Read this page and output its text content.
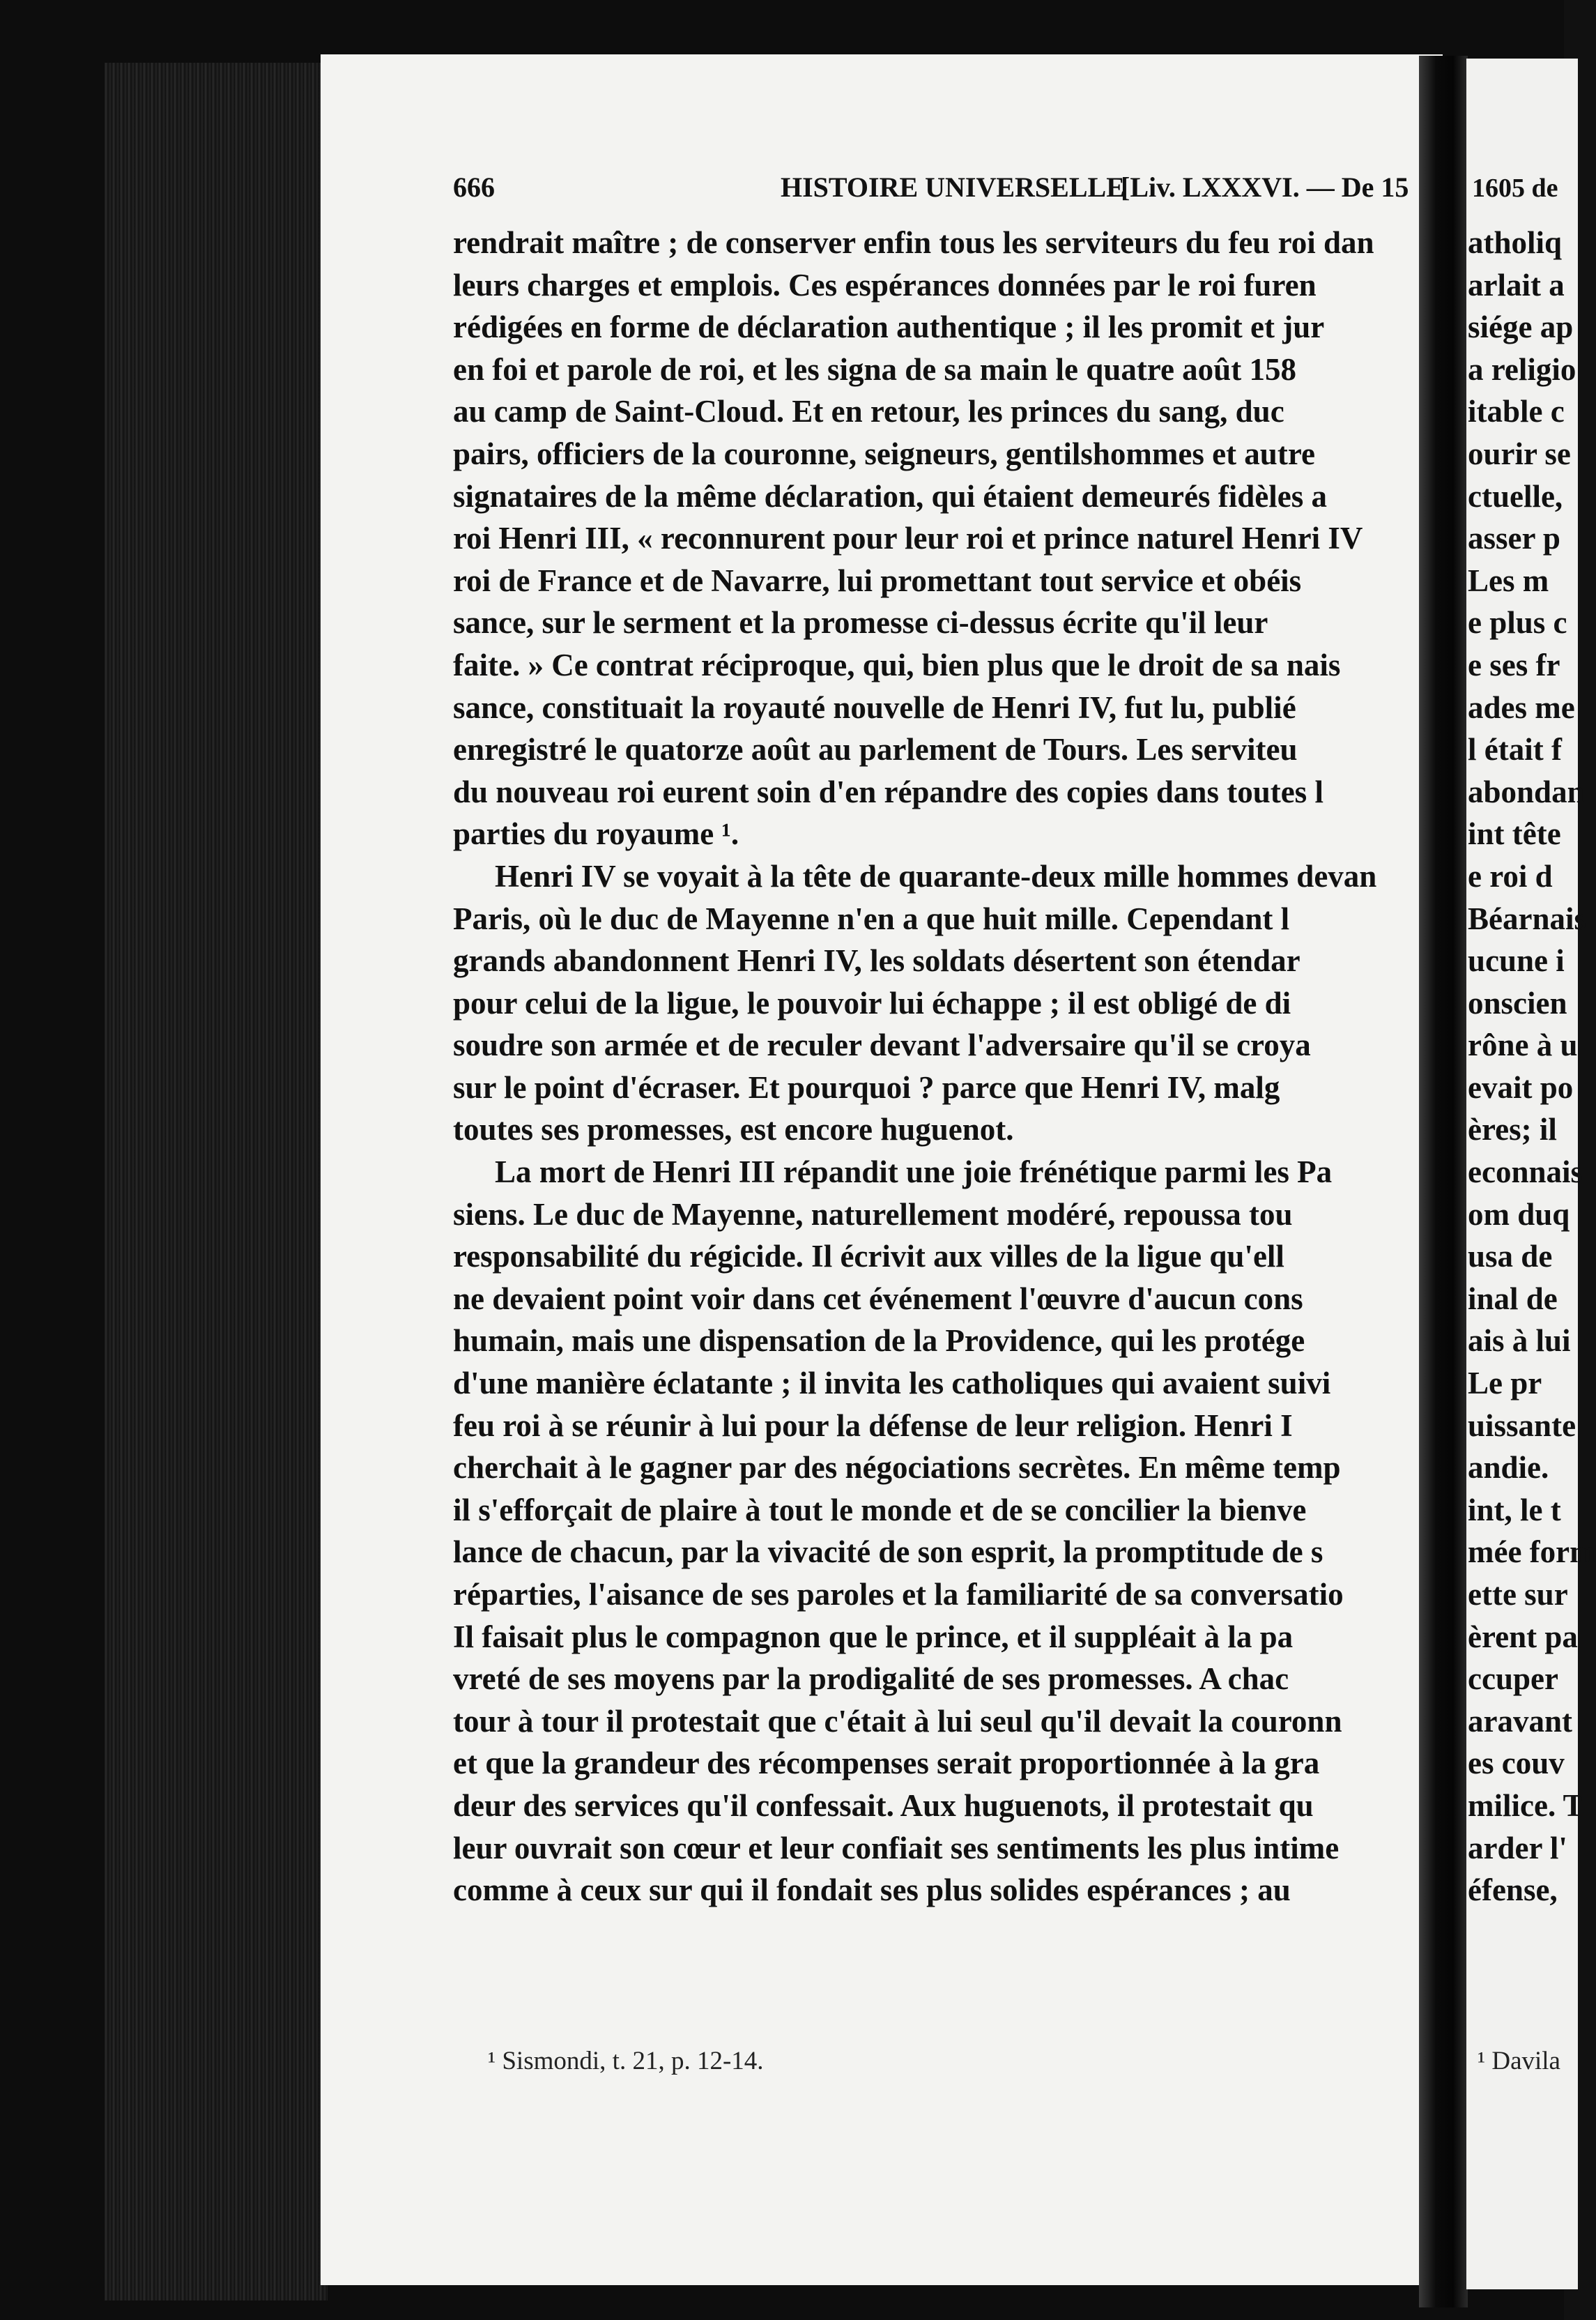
666	HISTOIRE UNIVERSELLE
[Liv. LXXXVI. — De 15
rendrait maître ; de conserver enfin tous les serviteurs du feu roi dan
leurs charges et emplois. Ces espérances données par le roi furen
rédigées en forme de déclaration authentique ; il les promit et jur
en foi et parole de roi, et les signa de sa main le quatre août 158
au camp de Saint-Cloud. Et en retour, les princes du sang, duc
pairs, officiers de la couronne, seigneurs, gentilshommes et autre
signataires de la même déclaration, qui étaient demeurés fidèles a
roi Henri III, « reconnurent pour leur roi et prince naturel Henri IV
roi de France et de Navarre, lui promettant tout service et obéis
sance, sur le serment et la promesse ci-dessus écrite qu'il leur
faite. » Ce contrat réciproque, qui, bien plus que le droit de sa nais
sance, constituait la royauté nouvelle de Henri IV, fut lu, publié
enregistré le quatorze août au parlement de Tours. Les serviteu
du nouveau roi eurent soin d'en répandre des copies dans toutes l
parties du royaume ¹.
Henri IV se voyait à la tête de quarante-deux mille hommes devan
Paris, où le duc de Mayenne n'en a que huit mille. Cependant l
grands abandonnent Henri IV, les soldats désertent son étendar
pour celui de la ligue, le pouvoir lui échappe ; il est obligé de di
soudre son armée et de reculer devant l'adversaire qu'il se croya
sur le point d'écraser. Et pourquoi ? parce que Henri IV, malg
toutes ses promesses, est encore huguenot.
La mort de Henri III répandit une joie frénétique parmi les Pa
siens. Le duc de Mayenne, naturellement modéré, repoussa tou
responsabilité du régicide. Il écrivit aux villes de la ligue qu'ell
ne devaient point voir dans cet événement l'œuvre d'aucun cons
humain, mais une dispensation de la Providence, qui les protége
d'une manière éclatante ; il invita les catholiques qui avaient suivi
feu roi à se réunir à lui pour la défense de leur religion. Henri I
cherchait à le gagner par des négociations secrètes. En même temp
il s'efforçait de plaire à tout le monde et de se concilier la bienve
lance de chacun, par la vivacité de son esprit, la promptitude de s
réparties, l'aisance de ses paroles et la familiarité de sa conversatio
Il faisait plus le compagnon que le prince, et il suppléait à la pa
vreté de ses moyens par la prodigalité de ses promesses. A chac
tour à tour il protestait que c'était à lui seul qu'il devait la couronn
et que la grandeur des récompenses serait proportionnée à la gra
deur des services qu'il confessait. Aux huguenots, il protestait qu
leur ouvrait son cœur et leur confiait ses sentiments les plus intime
comme à ceux sur qui il fondait ses plus solides espérances ; au
¹ Sismondi, t. 21, p. 12-14.
1605 de
atholiq
arlait a
siége ap
a religio
itable c
ourir se
ctuelle,
asser p
Les m
e plus c
e ses fr
ades me
l était f
abondan
int tête
e roi d
Béarnais
ucune i
onscien
rône à u
evait po
ères; il
econnais
om duq
usa de
inal de
ais à lui
Le pr
uissante
andie.
int, le t
mée form
ette sur
èrent pa
ccuper
aravant
es couv
milice. T
arder l'
éfense,
¹ Davila
